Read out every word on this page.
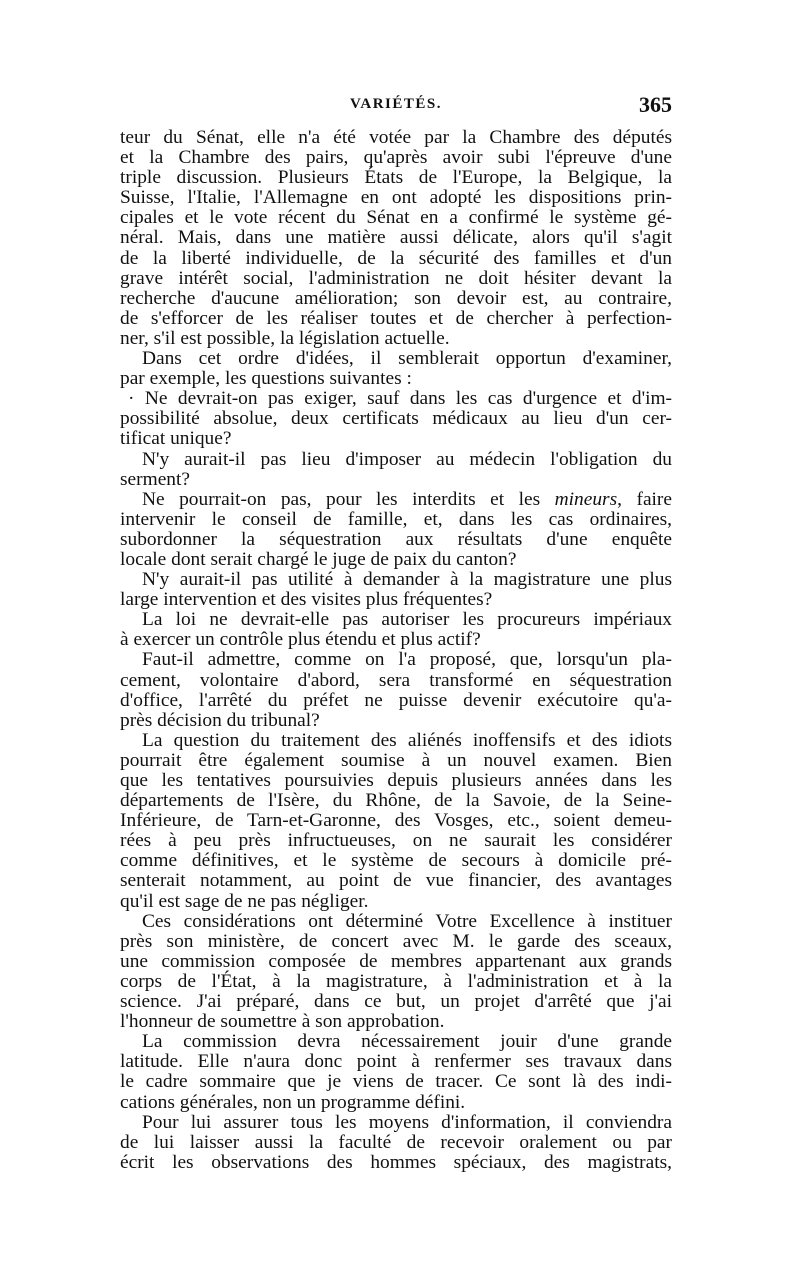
VARIÉTÉS.	365
teur du Sénat, elle n'a été votée par la Chambre des députés
et la Chambre des pairs, qu'après avoir subi l'épreuve d'une
triple discussion. Plusieurs États de l'Europe, la Belgique, la
Suisse, l'Italie, l'Allemagne en ont adopté les dispositions prin-
cipales et le vote récent du Sénat en a confirmé le système gé-
néral. Mais, dans une matière aussi délicate, alors qu'il s'agit
de la liberté individuelle, de la sécurité des familles et d'un
grave intérêt social, l'administration ne doit hésiter devant la
recherche d'aucune amélioration; son devoir est, au contraire,
de s'efforcer de les réaliser toutes et de chercher à perfection-
ner, s'il est possible, la législation actuelle.
Dans cet ordre d'idées, il semblerait opportun d'examiner,
par exemple, les questions suivantes :
· Ne devrait-on pas exiger, sauf dans les cas d'urgence et d'im-
possibilité absolue, deux certificats médicaux au lieu d'un cer-
tificat unique?
N'y aurait-il pas lieu d'imposer au médecin l'obligation du
serment?
Ne pourrait-on pas, pour les interdits et les mineurs, faire
intervenir le conseil de famille, et, dans les cas ordinaires,
subordonner la séquestration aux résultats d'une enquête
locale dont serait chargé le juge de paix du canton?
N'y aurait-il pas utilité à demander à la magistrature une plus
large intervention et des visites plus fréquentes?
La loi ne devrait-elle pas autoriser les procureurs impériaux
à exercer un contrôle plus étendu et plus actif?
Faut-il admettre, comme on l'a proposé, que, lorsqu'un pla-
cement, volontaire d'abord, sera transformé en séquestration
d'office, l'arrêté du préfet ne puisse devenir exécutoire qu'a-
près décision du tribunal?
La question du traitement des aliénés inoffensifs et des idiots
pourrait être également soumise à un nouvel examen. Bien
que les tentatives poursuivies depuis plusieurs années dans les
départements de l'Isère, du Rhône, de la Savoie, de la Seine-
Inférieure, de Tarn-et-Garonne, des Vosges, etc., soient demeu-
rées à peu près infructueuses, on ne saurait les considérer
comme définitives, et le système de secours à domicile pré-
senterait notamment, au point de vue financier, des avantages
qu'il est sage de ne pas négliger.
Ces considérations ont déterminé Votre Excellence à instituer
près son ministère, de concert avec M. le garde des sceaux,
une commission composée de membres appartenant aux grands
corps de l'État, à la magistrature, à l'administration et à la
science. J'ai préparé, dans ce but, un projet d'arrêté que j'ai
l'honneur de soumettre à son approbation.
La commission devra nécessairement jouir d'une grande
latitude. Elle n'aura donc point à renfermer ses travaux dans
le cadre sommaire que je viens de tracer. Ce sont là des indi-
cations générales, non un programme défini.
Pour lui assurer tous les moyens d'information, il conviendra
de lui laisser aussi la faculté de recevoir oralement ou par
écrit les observations des hommes spéciaux, des magistrats,
